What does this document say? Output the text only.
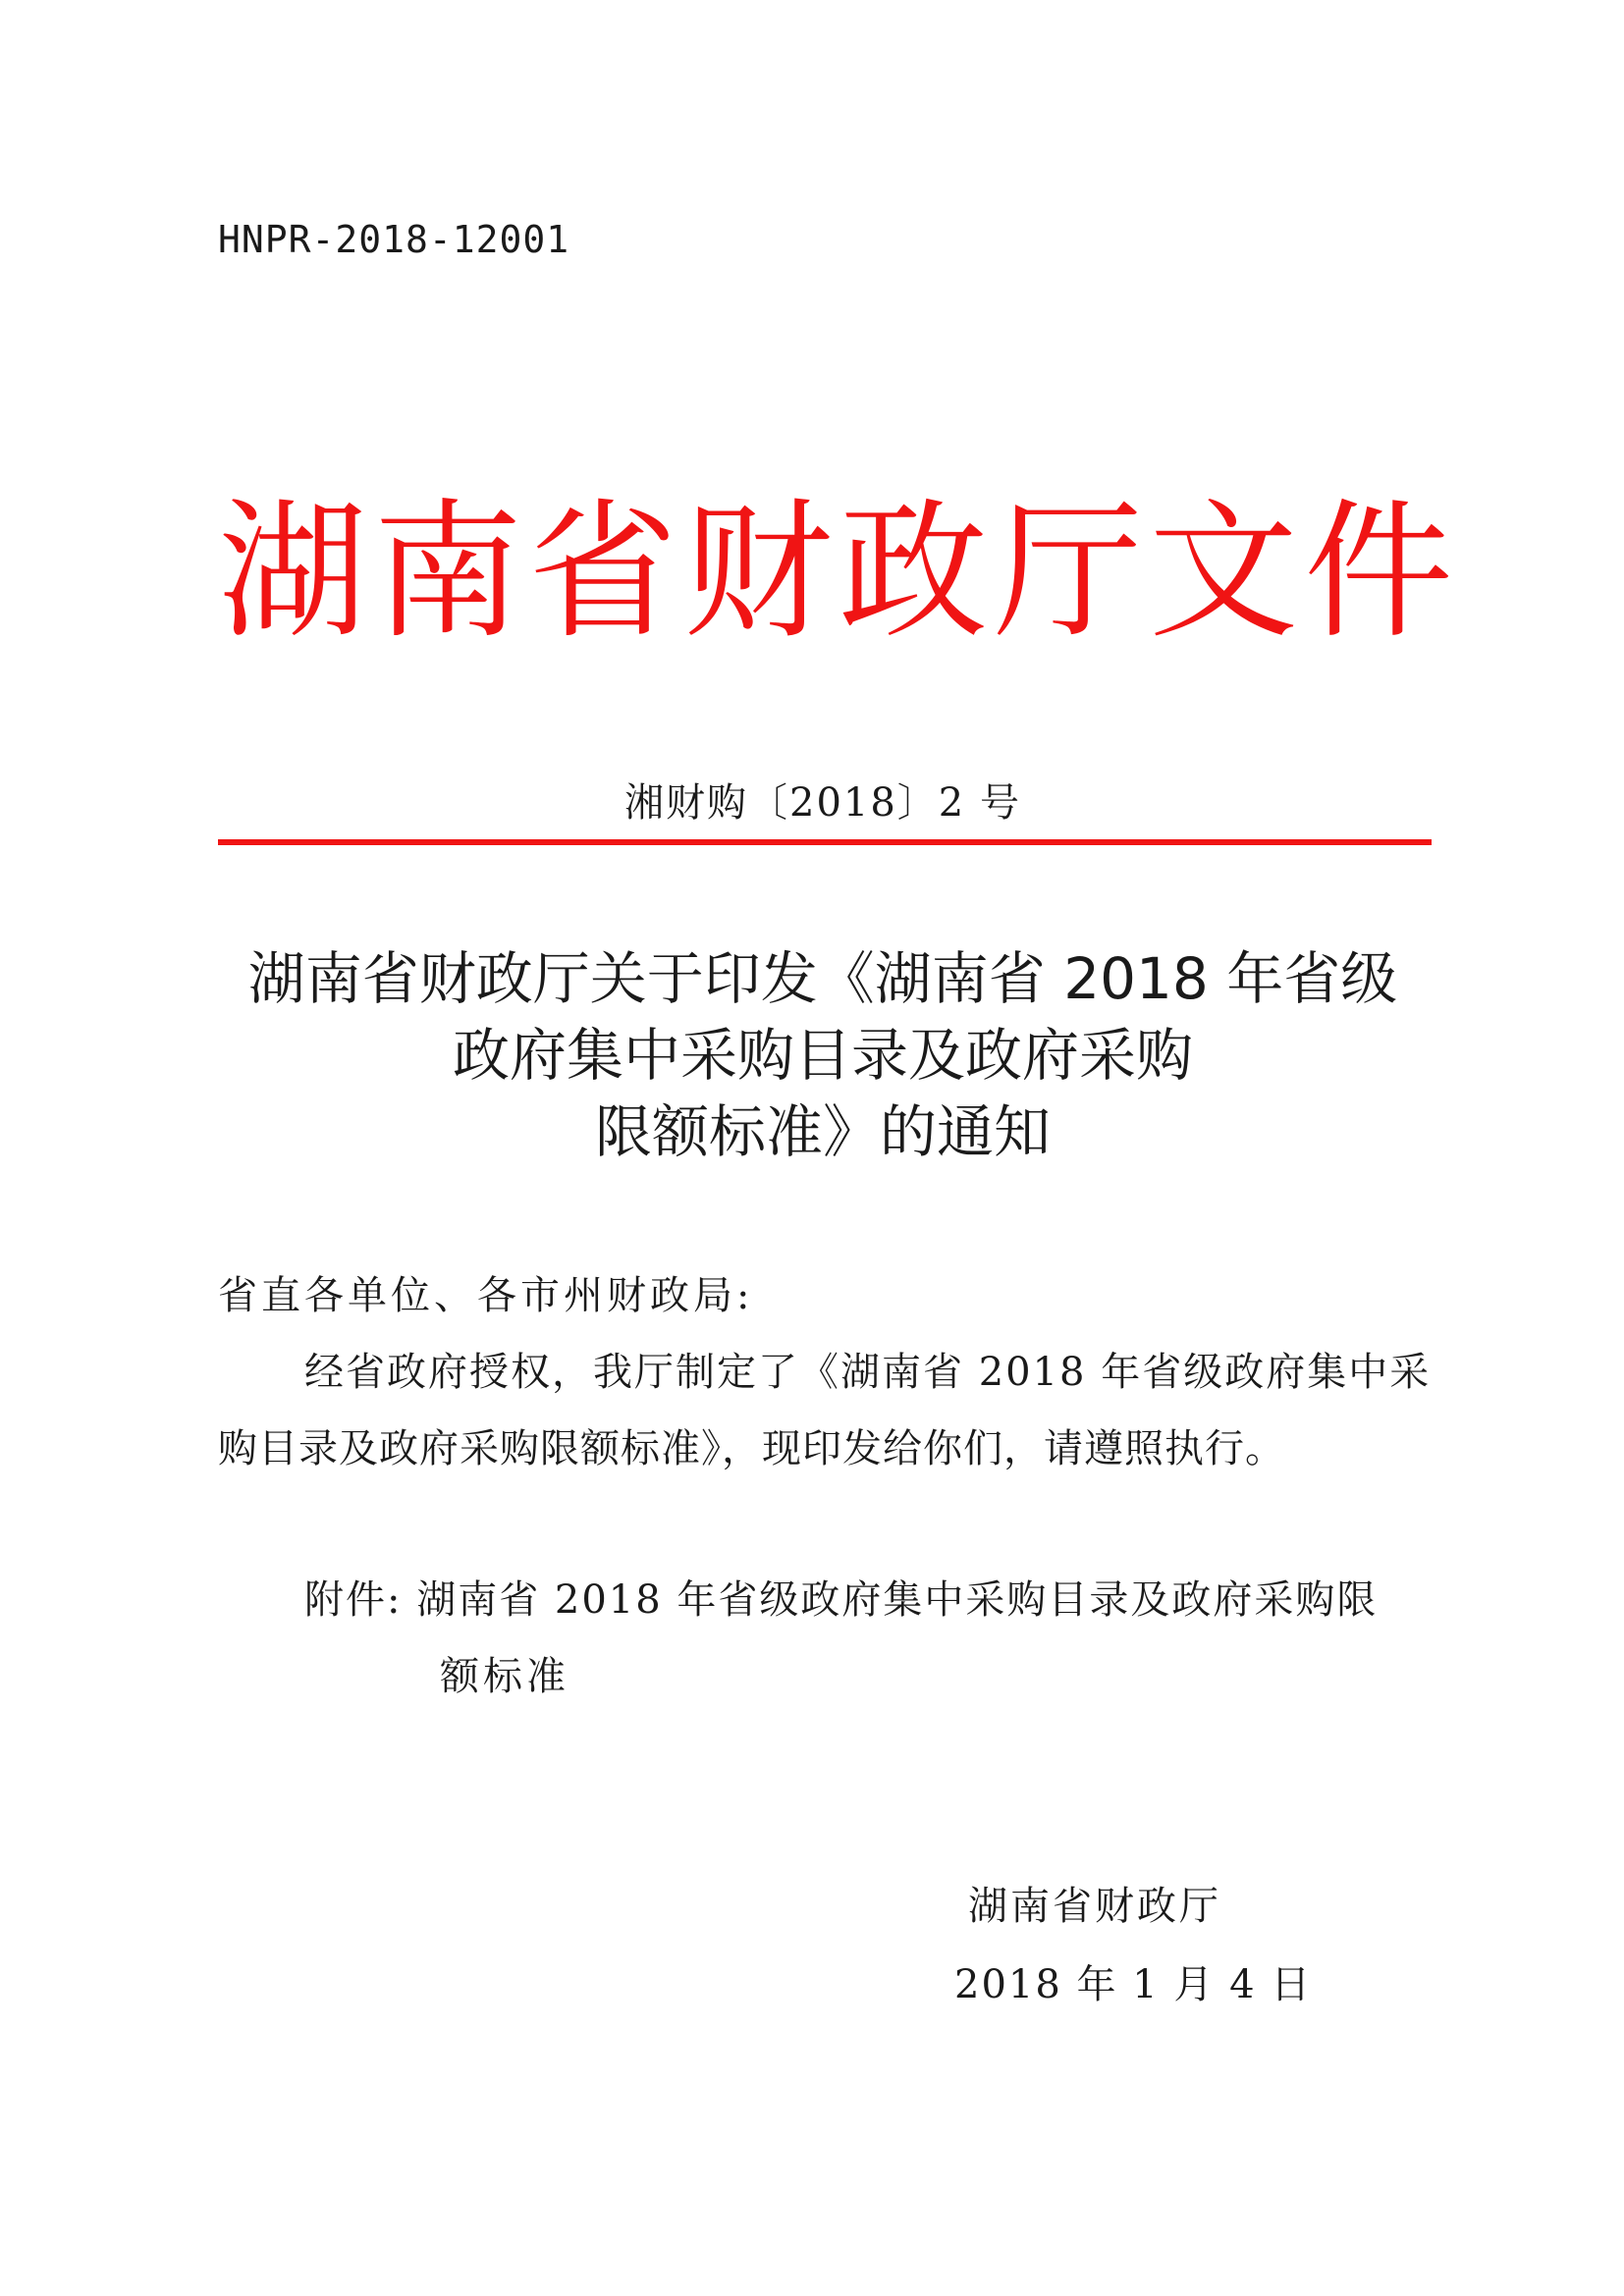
HNPR-2018-12001
湖南省财政厅文件
湘财购〔2018〕2 号
湖南省财政厅关于印发《湖南省 2018 年省级
政府集中采购目录及政府采购
限额标准》的通知
省直各单位、各市州财政局:
经省政府授权，我厅制定了《湖南省 2018 年省级政府集中采
购目录及政府采购限额标准》，现印发给你们，请遵照执行。
附件: 湖南省 2018 年省级政府集中采购目录及政府采购限
额标准
湖南省财政厅
2018 年 1 月 4 日
